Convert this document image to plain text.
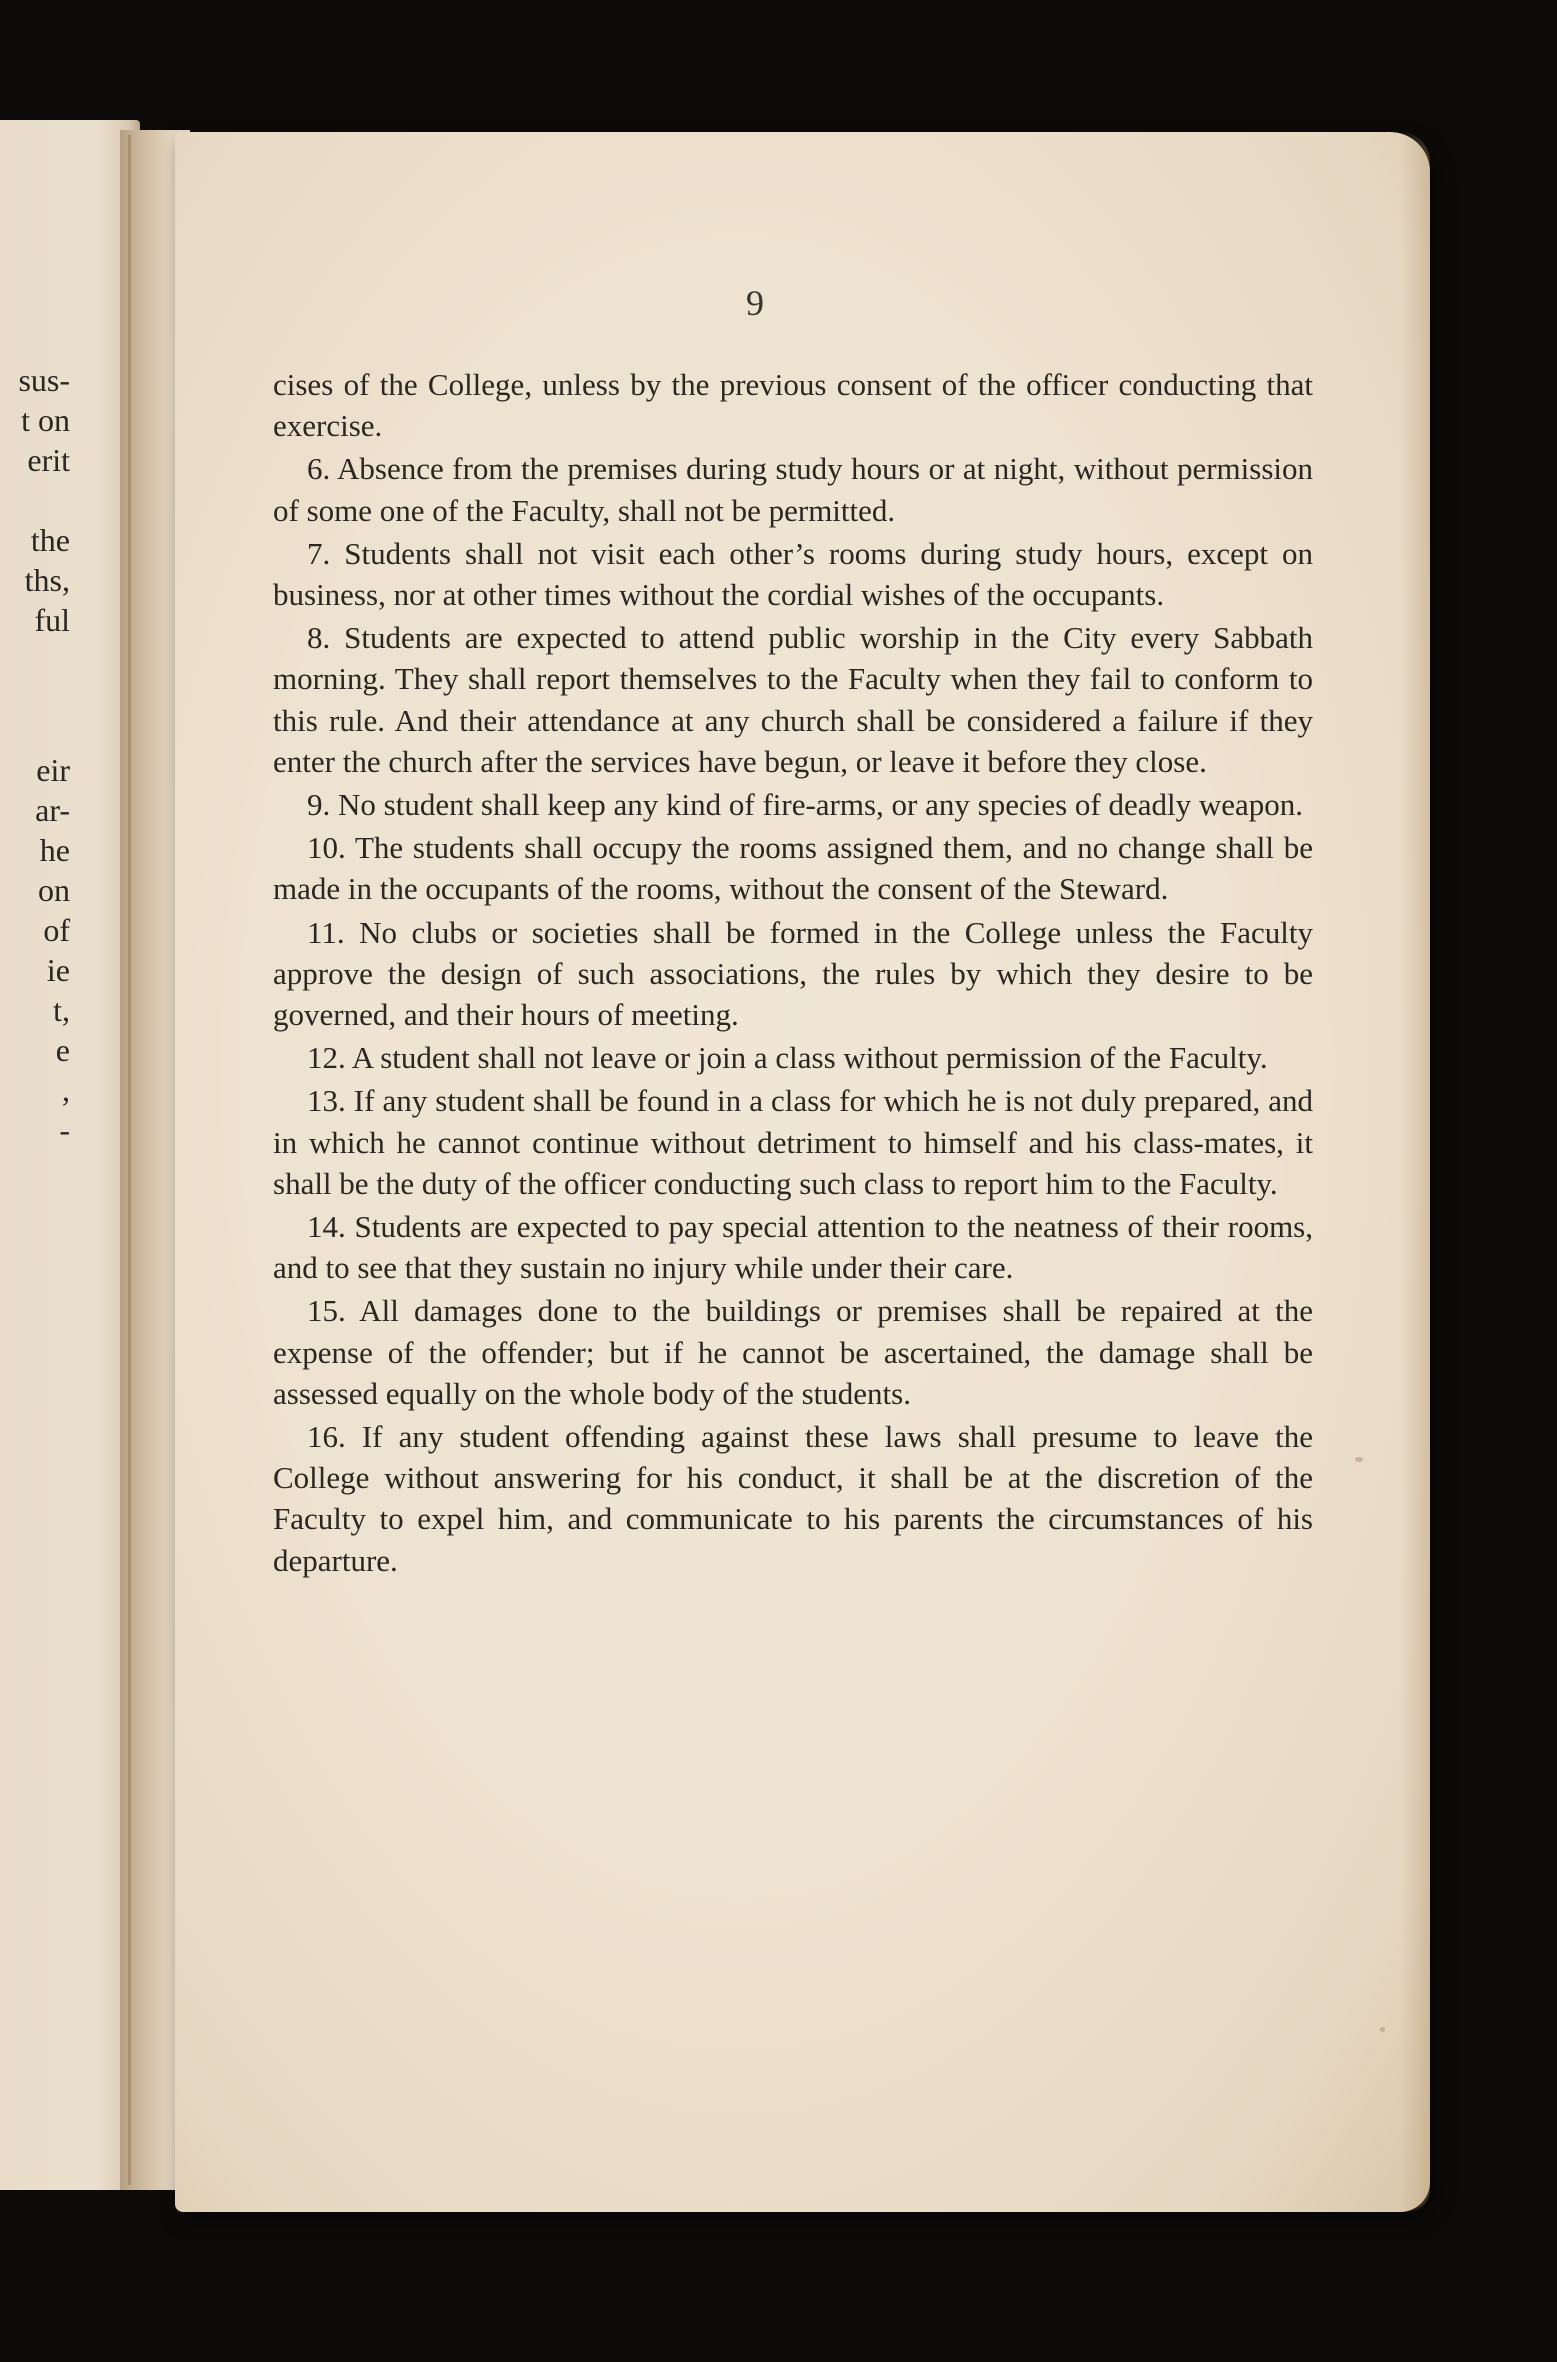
sus-
t on
erit
the
ths,
ful
eir
ar-
he
on
of
ie
t,
e
,
-
9

cises of the College, unless by the previous consent of the officer conducting that exercise.

6. Absence from the premises during study hours or at night, without permission of some one of the Faculty, shall not be permitted.

7. Students shall not visit each other’s rooms during study hours, except on business, nor at other times without the cordial wishes of the occupants.

8. Students are expected to attend public worship in the City every Sabbath morning. They shall report themselves to the Faculty when they fail to conform to this rule. And their attendance at any church shall be considered a failure if they enter the church after the services have begun, or leave it before they close.

9. No student shall keep any kind of fire-arms, or any species of deadly weapon.

10. The students shall occupy the rooms assigned them, and no change shall be made in the occupants of the rooms, without the consent of the Steward.

11. No clubs or societies shall be formed in the College unless the Faculty approve the design of such associations, the rules by which they desire to be governed, and their hours of meeting.

12. A student shall not leave or join a class without permission of the Faculty.

13. If any student shall be found in a class for which he is not duly prepared, and in which he cannot continue without detriment to himself and his class-mates, it shall be the duty of the officer conducting such class to report him to the Faculty.

14. Students are expected to pay special attention to the neatness of their rooms, and to see that they sustain no injury while under their care.

15. All damages done to the buildings or premises shall be repaired at the expense of the offender; but if he cannot be ascertained, the damage shall be assessed equally on the whole body of the students.

16. If any student offending against these laws shall presume to leave the College without answering for his conduct, it shall be at the discretion of the Faculty to expel him, and communicate to his parents the circumstances of his departure.
